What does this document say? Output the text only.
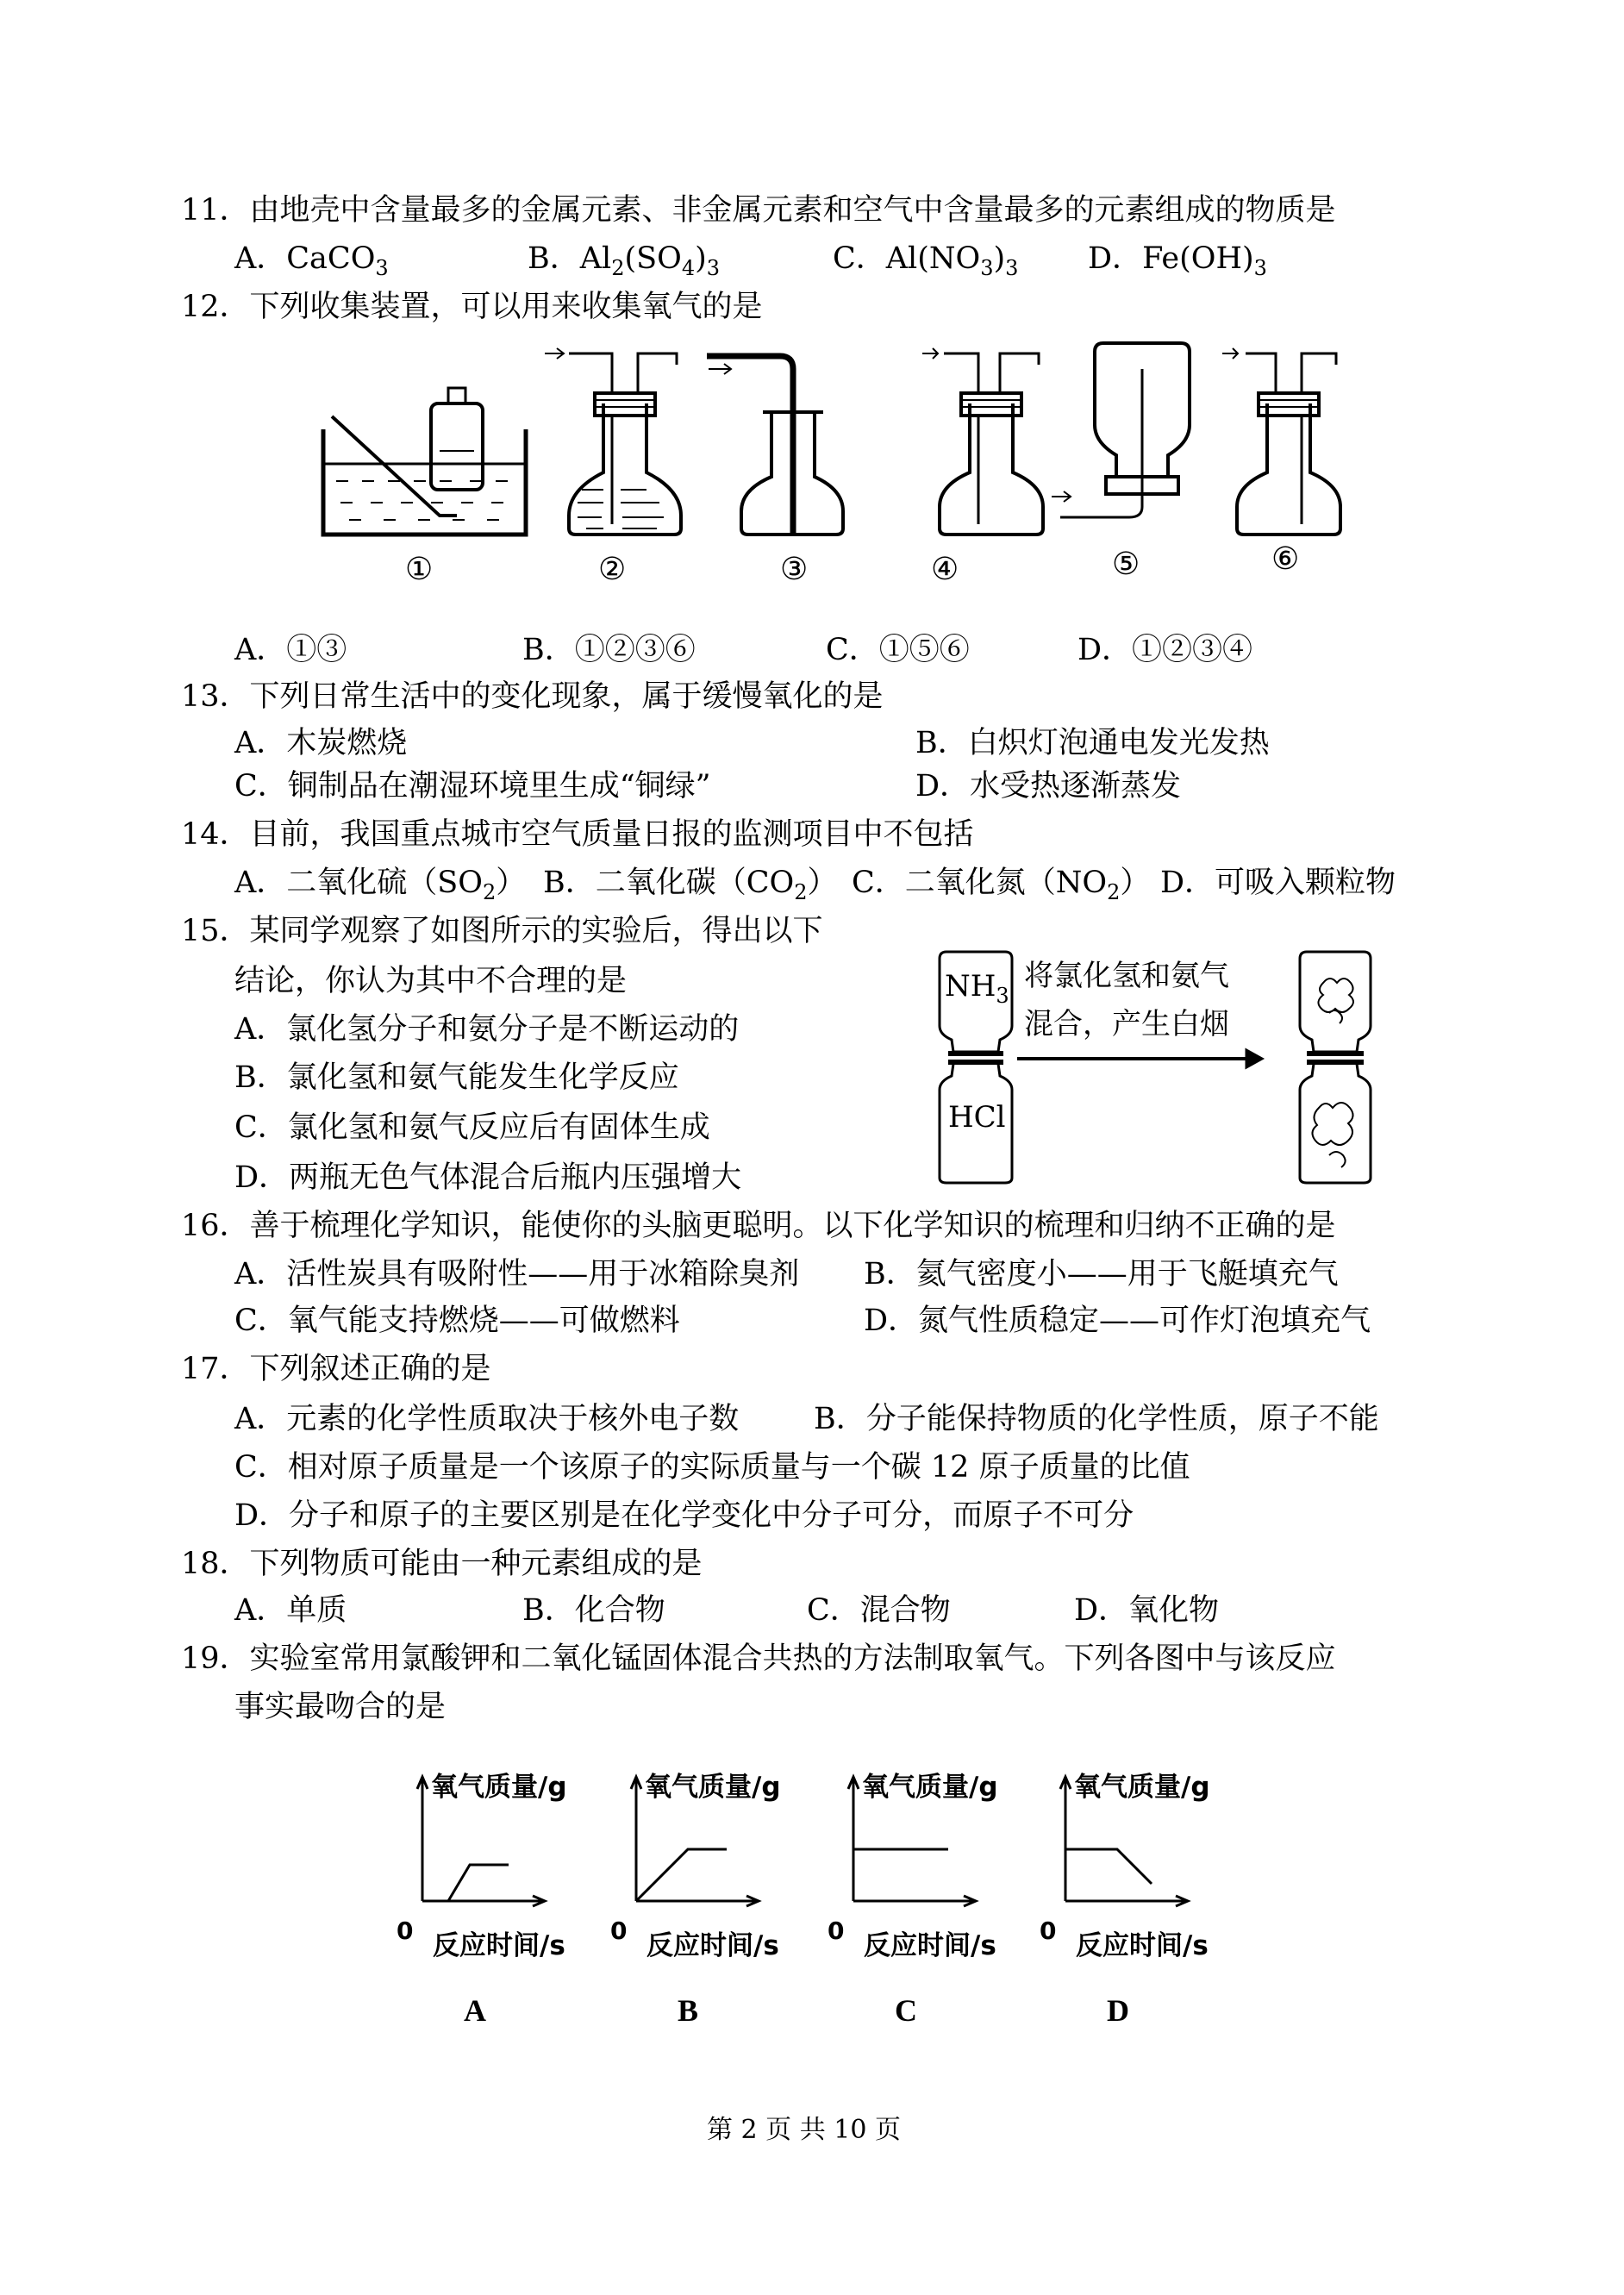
11．由地壳中含量最多的金属元素、非金属元素和空气中含量最多的元素组成的物质是
A．CaCO$_3$	B．$Al_2(SO_4)_3$	C．$Al(NO_3)_3$ D．$Fe(OH)_3$
12．下列收集装置，可以用来收集氧气的是
①	②	③	④	⑤	⑥
A．①③	B．①②③⑥	C．①⑤⑥	D．①②③④
13．下列日常生活中的变化现象，属于缓慢氧化的是
A．木炭燃烧	B．白炽灯泡通电发光发热
C．铜制品在潮湿环境里生成“铜绿”	D．水受热逐渐蒸发
14．目前，我国重点城市空气质量日报的监测项目中不包括
A．二氧化硫$(SO_2)$ B．二氧化碳$(CO_2)$ C．二氧化氮$(NO_2)$ D．可吸入颗粒物
15．某同学观察了如图所示的实验后，得出以下
结论，你认为其中不合理的是
A．氯化氢分子和氨分子是不断运动的
B．氯化氢和氨气能发生化学反应
C．氯化氢和氨气反应后有固体生成
D．两瓶无色气体混合后瓶内压强增大
$NH_3$
HCl
将氯化氢和氨气
混合，产生白烟
16．善于梳理化学知识，能使你的头脑更聪明。以下化学知识的梳理和归纳不正确的是
A．活性炭具有吸附性——用于冰箱除臭剂 B．氦气密度小——用于飞艇填充气
C．氧气能支持燃烧——可做燃料	D．氮气性质稳定——可作灯泡填充气
17．下列叙述正确的是
A．元素的化学性质取决于核外电子数 B．分子能保持物质的化学性质，原子不能
C．相对原子质量是一个该原子的实际质量与一个碳 12 原子质量的比值
D．分子和原子的主要区别是在化学变化中分子可分，而原子不可分
18．下列物质可能由一种元素组成的是
A．单质	B．化合物	C．混合物	D．氧化物
19．实验室常用氯酸钾和二氧化锰固体混合共热的方法制取氧气。下列各图中与该反应
事实最吻合的是
氧气质量/g
0 反应时间/s
A
氧气质量/g
0 反应时间/s
B
氧气质量/g
0 反应时间/s
C
氧气质量/g
0 反应时间/s
D
第 2 页 共 10 页
